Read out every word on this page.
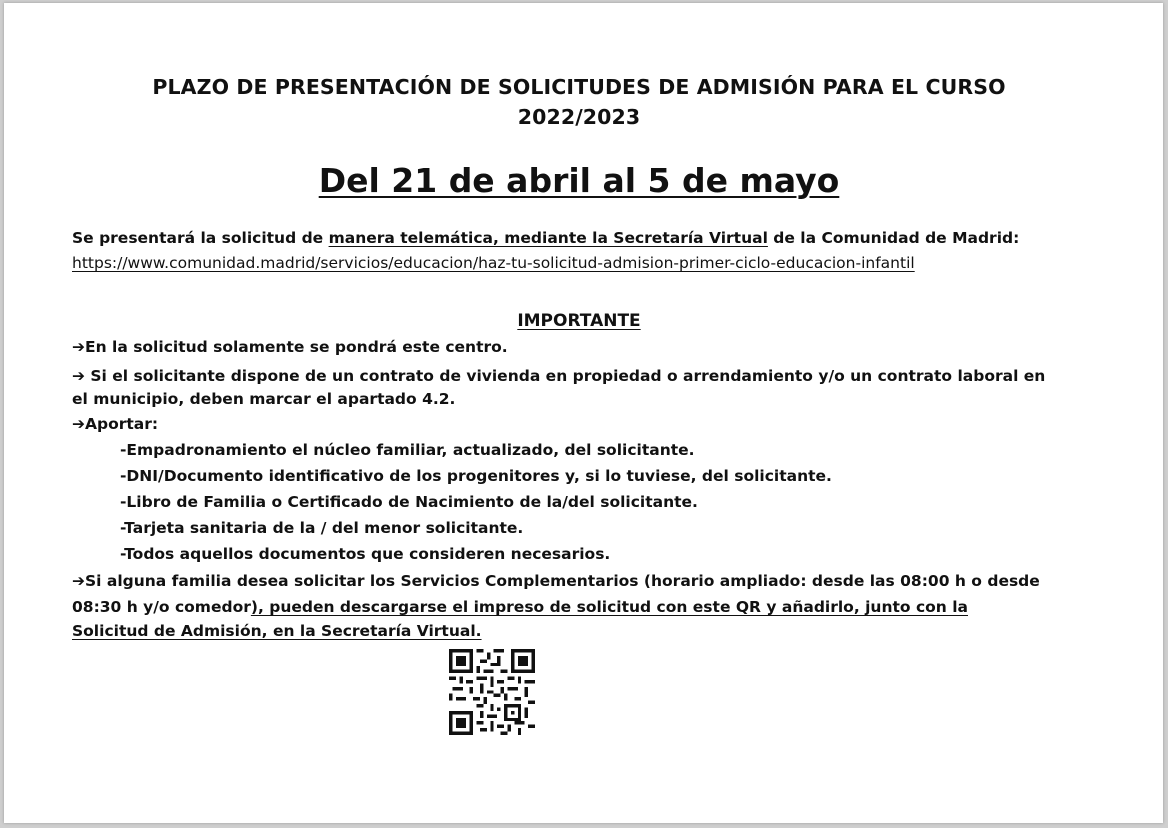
PLAZO DE PRESENTACIÓN DE SOLICITUDES DE ADMISIÓN PARA EL CURSO
2022/2023
Del 21 de abril al 5 de mayo
Se presentará la solicitud de manera telemática, mediante la Secretaría Virtual de la Comunidad de Madrid:
https://www.comunidad.madrid/servicios/educacion/haz-tu-solicitud-admision-primer-ciclo-educacion-infantil
IMPORTANTE
➔En la solicitud solamente se pondrá este centro.
➔ Si el solicitante dispone de un contrato de vivienda en propiedad o arrendamiento y/o un contrato laboral en
el municipio, deben marcar el apartado 4.2.
➔Aportar:
-Empadronamiento el núcleo familiar, actualizado, del solicitante.
-DNI/Documento identificativo de los progenitores y, si lo tuviese, del solicitante.
-Libro de Familia o Certificado de Nacimiento de la/del solicitante.
-Tarjeta sanitaria de la / del menor solicitante.
-Todos aquellos documentos que consideren necesarios.
➔Si alguna familia desea solicitar los Servicios Complementarios (horario ampliado: desde las 08:00 h o desde
08:30 h y/o comedor), pueden descargarse el impreso de solicitud con este QR y añadirlo, junto con la
Solicitud de Admisión, en la Secretaría Virtual.
